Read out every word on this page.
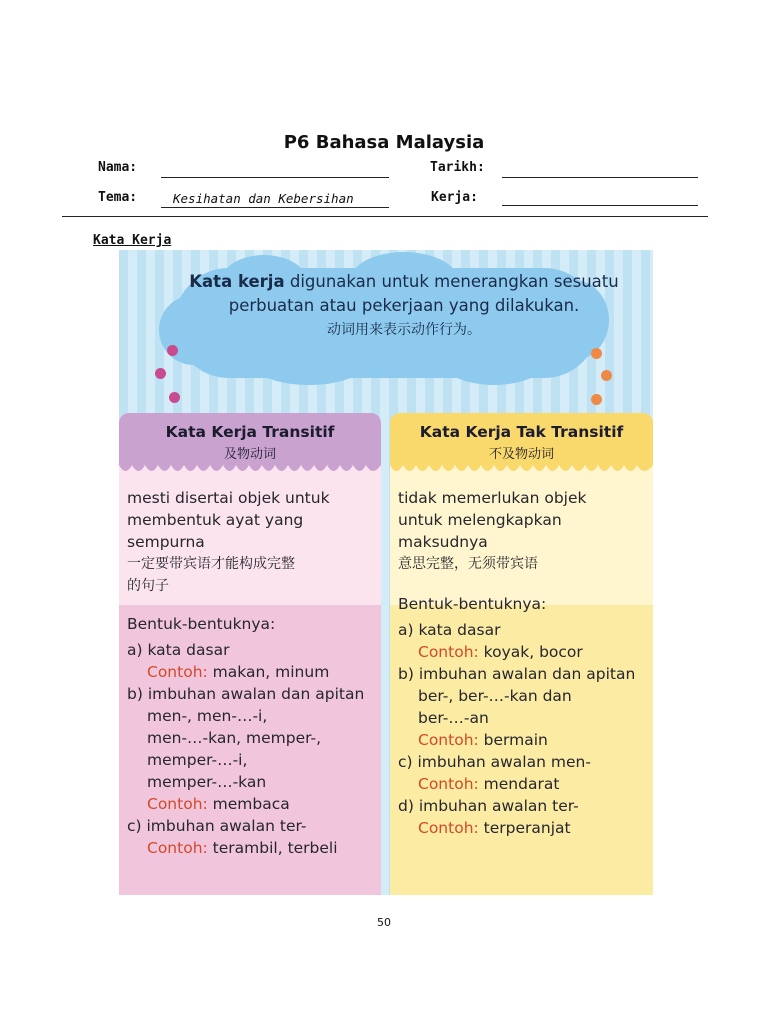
P6 Bahasa Malaysia
Nama:	Tarikh:
Tema:	Kesihatan dan Kebersihan	Kerja:
Kata Kerja
Kata kerja digunakan untuk menerangkan sesuatu
perbuatan atau pekerjaan yang dilakukan.
动词用来表示动作行为。
Kata Kerja Transitif
及物动词
mesti disertai objek untuk
membentuk ayat yang
sempurna
一定要带宾语才能构成完整
的句子
Bentuk-bentuknya:
a) kata dasar
Contoh: makan, minum
b) imbuhan awalan dan apitan
men-, men-…-i,
men-…-kan, memper-,
memper-…-i,
memper-…-kan
Contoh: membaca
c) imbuhan awalan ter-
Contoh: terambil, terbeli
Kata Kerja Tak Transitif
不及物动词
tidak memerlukan objek
untuk melengkapkan
maksudnya
意思完整，无须带宾语
Bentuk-bentuknya:
a) kata dasar
Contoh: koyak, bocor
b) imbuhan awalan dan apitan
ber-, ber-…-kan dan
ber-…-an
Contoh: bermain
c) imbuhan awalan men-
Contoh: mendarat
d) imbuhan awalan ter-
Contoh: terperanjat
50
